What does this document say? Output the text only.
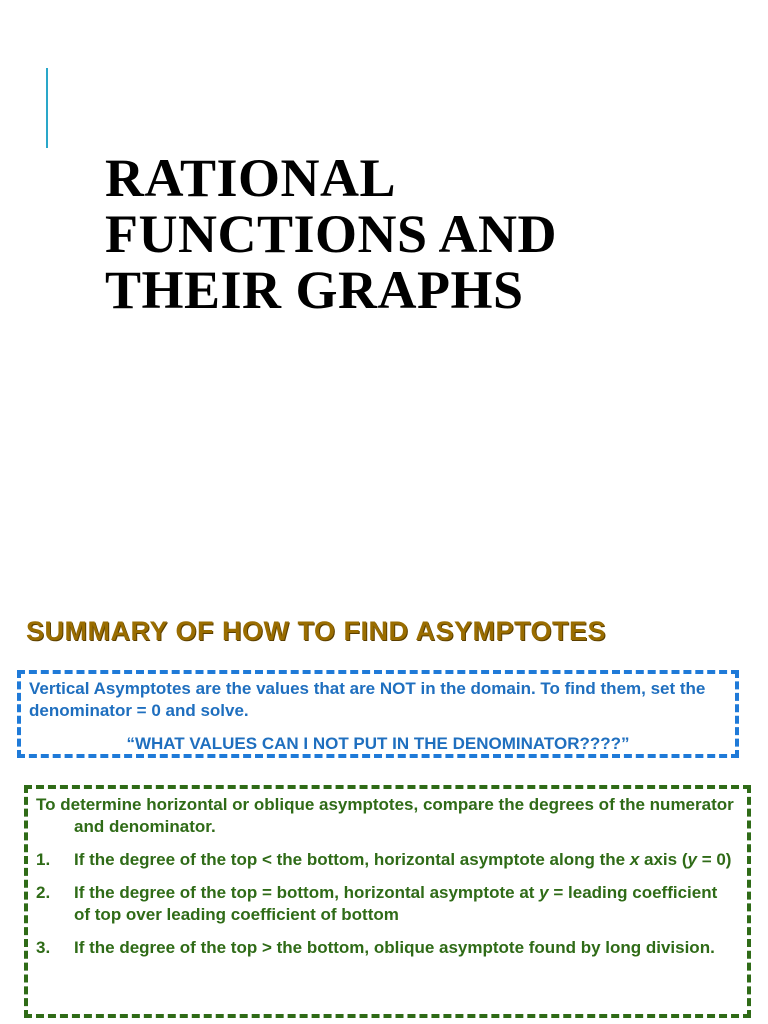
RATIONAL
FUNCTIONS AND
THEIR GRAPHS
SUMMARY OF HOW TO FIND ASYMPTOTES
Vertical Asymptotes are the values that are NOT in the domain. To find them, set the denominator = 0 and solve.
“WHAT VALUES CAN I NOT PUT IN THE DENOMINATOR????”
To determine horizontal or oblique asymptotes, compare the degrees of the numerator and denominator.
1.	If the degree of the top < the bottom, horizontal asymptote along the x axis (y = 0)
2.	If the degree of the top = bottom, horizontal asymptote at y = leading coefficient of top over leading coefficient of bottom
3.	If the degree of the top > the bottom, oblique asymptote found by long division.
